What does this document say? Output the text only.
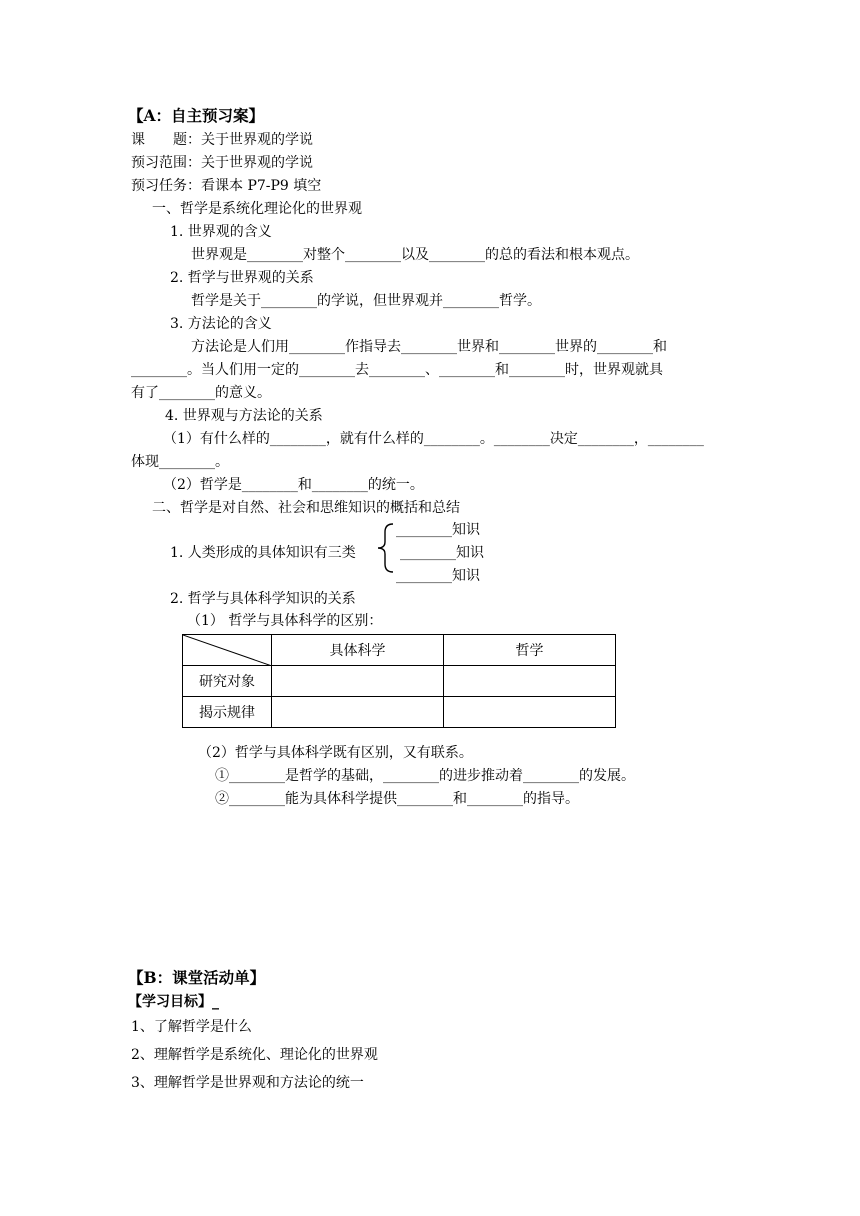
【A：自主预习案】
课　　题：关于世界观的学说
预习范围：关于世界观的学说
预习任务：看课本 P7-P9 填空
一、哲学是系统化理论化的世界观
1. 世界观的含义
世界观是________对整个________以及________的总的看法和根本观点。
2. 哲学与世界观的关系
哲学是关于________的学说，但世界观并________哲学。
3. 方法论的含义
方法论是人们用________作指导去________世界和________世界的________和
________。当人们用一定的________去________、________和________时，世界观就具
有了________的意义。
4. 世界观与方法论的关系
（1）有什么样的________，就有什么样的________。________决定________，________
体现________。
（2）哲学是________和________的统一。
二、哲学是对自然、社会和思维知识的概括和总结
________知识
1. 人类形成的具体知识有三类	________知识
________知识
2. 哲学与具体科学知识的关系
（1） 哲学与具体科学的区别：
	具体科学	哲学
研究对象		
揭示规律		
（2）哲学与具体科学既有区别，又有联系。
①________是哲学的基础，________的进步推动着________的发展。
②________能为具体科学提供________和________的指导。
【B：课堂活动单】
【学习目标】_
1、了解哲学是什么
2、理解哲学是系统化、理论化的世界观
3、理解哲学是世界观和方法论的统一
